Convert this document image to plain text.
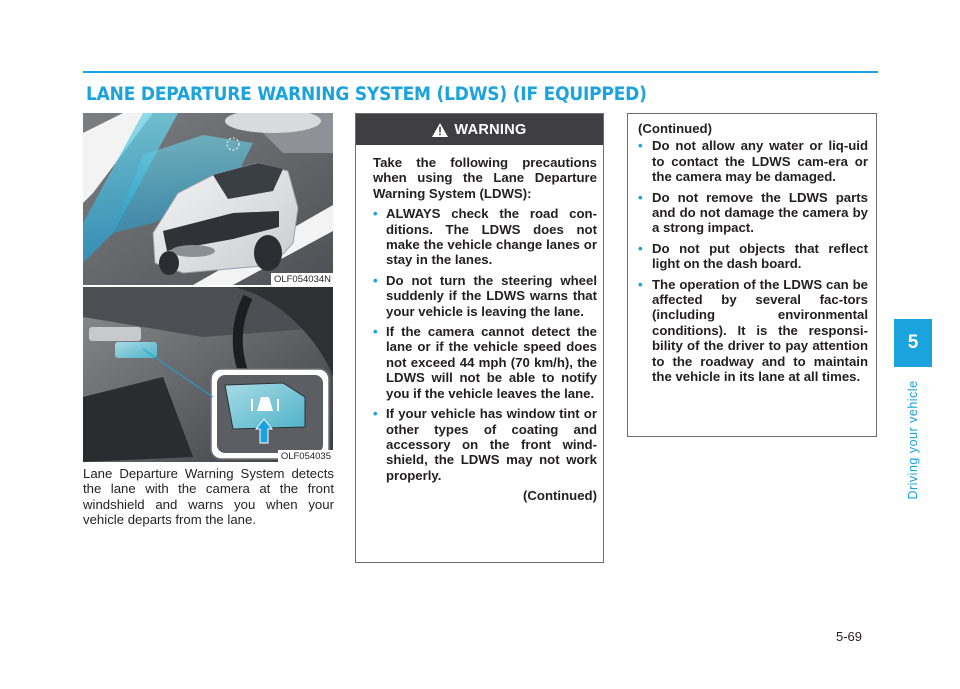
LANE DEPARTURE WARNING SYSTEM (LDWS) (IF EQUIPPED)
5
Driving your vehicle
OLF054034N
OLF054035

Lane Departure Warning System detects the lane with the camera at the front windshield and warns you when your vehicle departs from the lane.

WARNING

Take the following precautions when using the Lane Departure Warning System (LDWS):

• ALWAYS check the road con-ditions. The LDWS does not make the vehicle change lanes or stay in the lanes.
• Do not turn the steering wheel suddenly if the LDWS warns that your vehicle is leaving the lane.
• If the camera cannot detect the lane or if the vehicle speed does not exceed 44 mph (70 km/h), the LDWS will not be able to notify you if the vehicle leaves the lane.
• If your vehicle has window tint or other types of coating and accessory on the front wind-shield, the LDWS may not work properly.
(Continued)

(Continued)

• Do not allow any water or liq-uid to contact the LDWS cam-era or the camera may be damaged.
• Do not remove the LDWS parts and do not damage the camera by a strong impact.
• Do not put objects that reflect light on the dash board.
• The operation of the LDWS can be affected by several fac-tors (including environmental conditions). It is the responsi-bility of the driver to pay attention to the roadway and to maintain the vehicle in its lane at all times.
5-69
